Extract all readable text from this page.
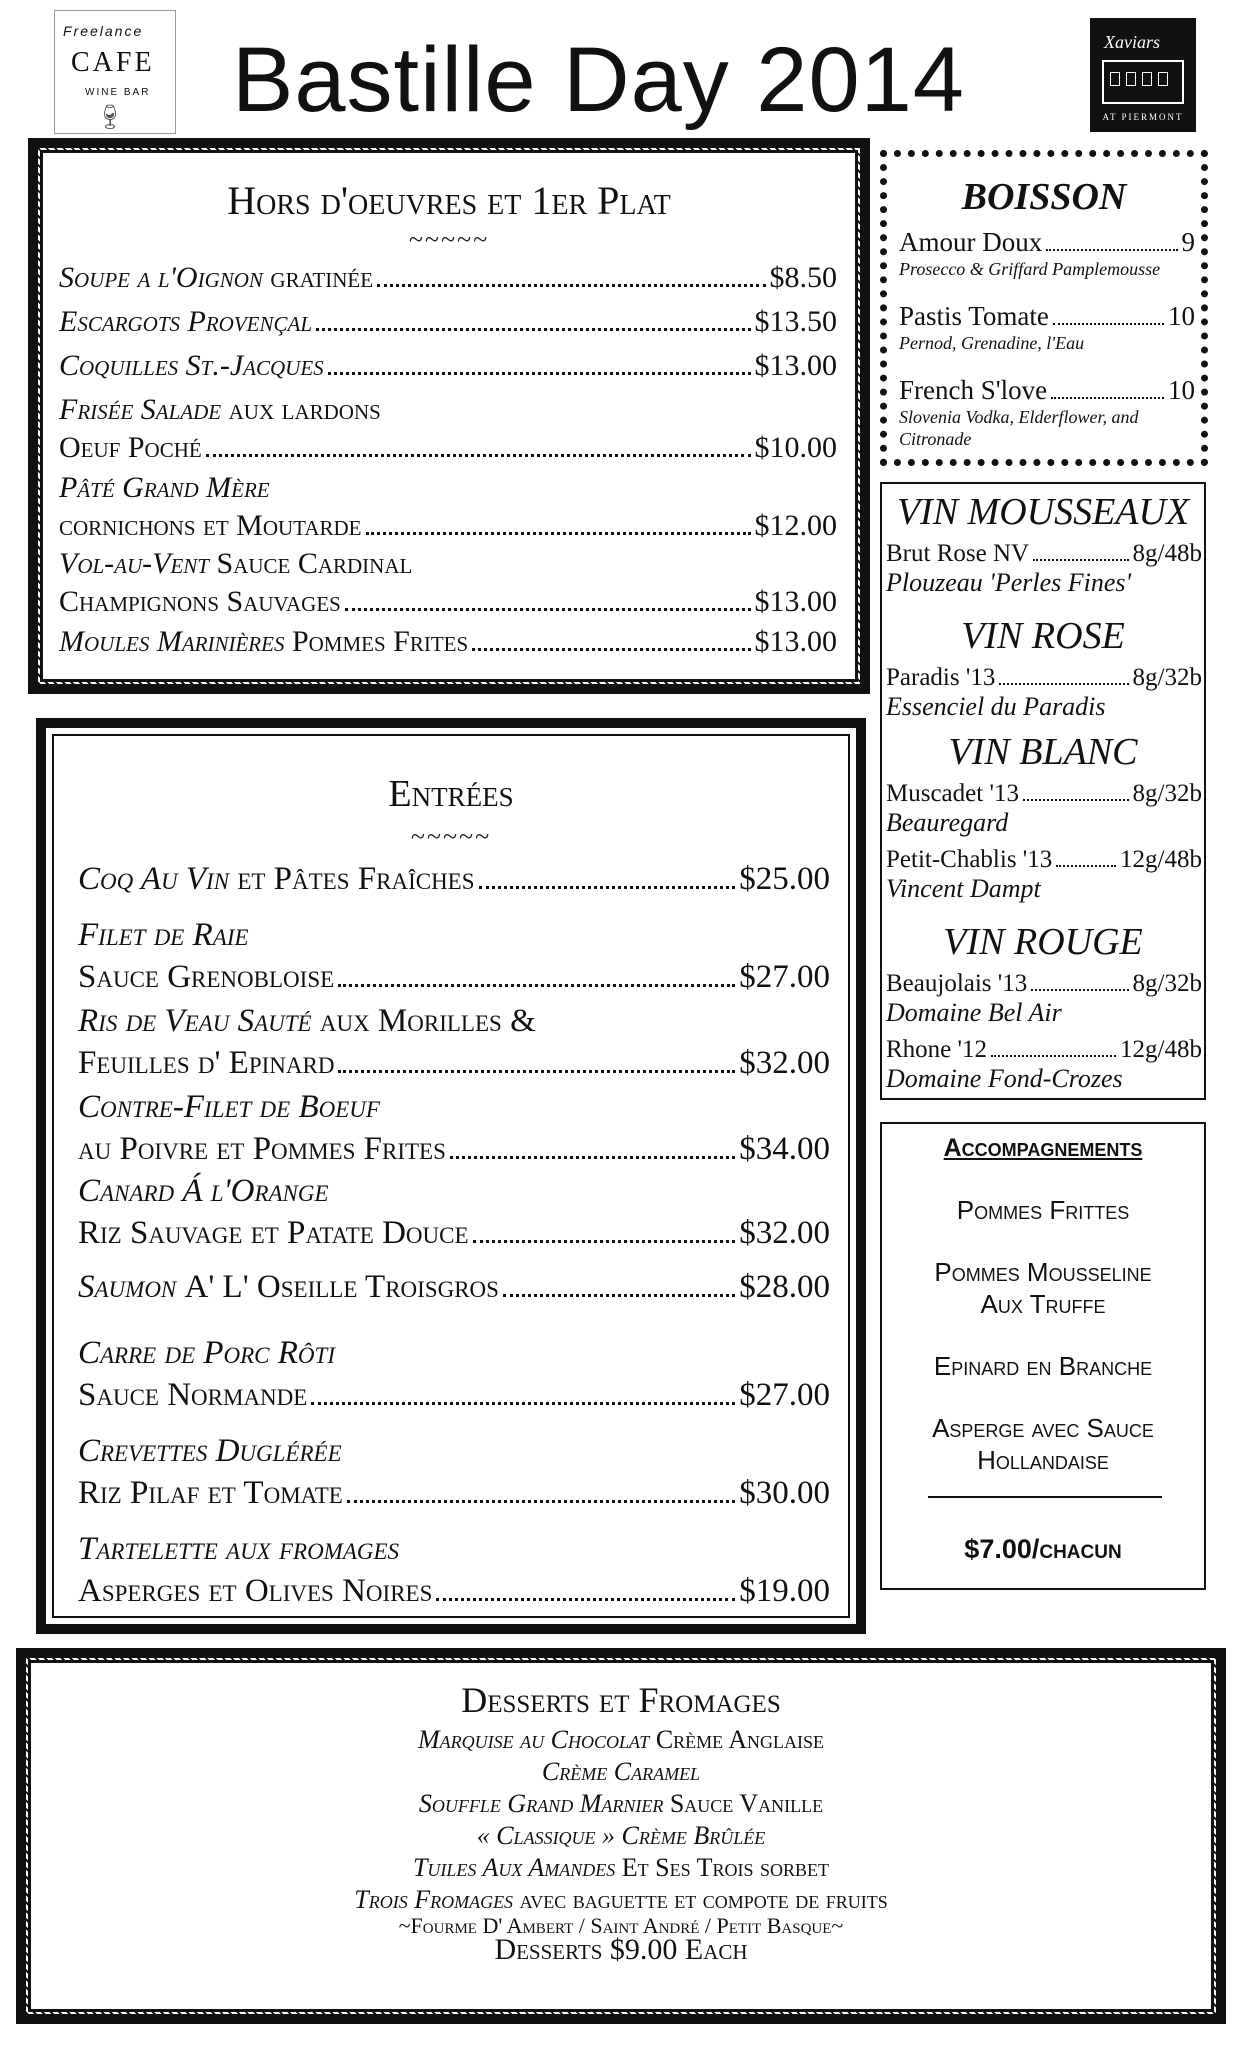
Freelance
CAFE
WINE BAR
🍷︎ Bastille Day 2014	Xaviars
AT PIERMONT
Hors d'oeuvres et 1er Plat
~~~~~
Soupe a l'Oignon
gratinée	$8.50
Escargots Provençal	$13.50
Coquilles St.-Jacques	$13.00
Frisée Salade
aux lardons
Oeuf Poché	$10.00
Pâté Grand Mère
cornichons et Moutarde	$12.00
Vol-au-Vent
Sauce Cardinal
Champignons Sauvages	$13.00
Moules Marinières
Pommes Frites	$13.00
Entrées
~~~~~
Coq Au Vin
et Pâtes Fraîches	$25.00
Filet de Raie
Sauce Grenobloise	$27.00
Ris de Veau Sauté
aux Morilles &
Feuilles d' Epinard	$32.00
Contre-Filet de Boeuf
au Poivre et Pommes Frites	$34.00
Canard Á l'Orange
Riz Sauvage et Patate Douce	$32.00
Saumon
A' L' Oseille Troisgros	$28.00
Carre de Porc Rôti
Sauce Normande	$27.00
Crevettes Duglérée
Riz Pilaf et Tomate	$30.00
Tartelette aux fromages
Asperges et Olives Noires	$19.00
BOISSON
Amour Doux	9
Prosecco & Griffard Pamplemousse
Pastis Tomate	10
Pernod, Grenadine, l'Eau
French S'love	10
Slovenia Vodka, Elderflower, and Citronade
VIN MOUSSEAUX
Brut Rose NV	8g/48b
Plouzeau 'Perles Fines'
VIN ROSE
Paradis '13	8g/32b
Essenciel du Paradis
VIN BLANC
Muscadet '13	8g/32b
Beauregard
Petit-Chablis '13	12g/48b
Vincent Dampt
VIN ROUGE
Beaujolais '13	8g/32b
Domaine Bel Air
Rhone '12	12g/48b
Domaine Fond-Crozes
Accompagnements
Pommes Frittes
Pommes Mousseline Aux Truffe
Epinard en Branche
Asperge avec Sauce Hollandaise
$7.00/chacun
Desserts et Fromages
Marquise au Chocolat Crème Anglaise
Crème Caramel
Souffle Grand Marnier Sauce Vanille
« Classique » Crème Brûlée
Tuiles Aux Amandes Et Ses Trois sorbet
Trois Fromages avec baguette et compote de fruits
~Fourme D' Ambert / Saint André / Petit Basque~
Desserts $9.00 Each
